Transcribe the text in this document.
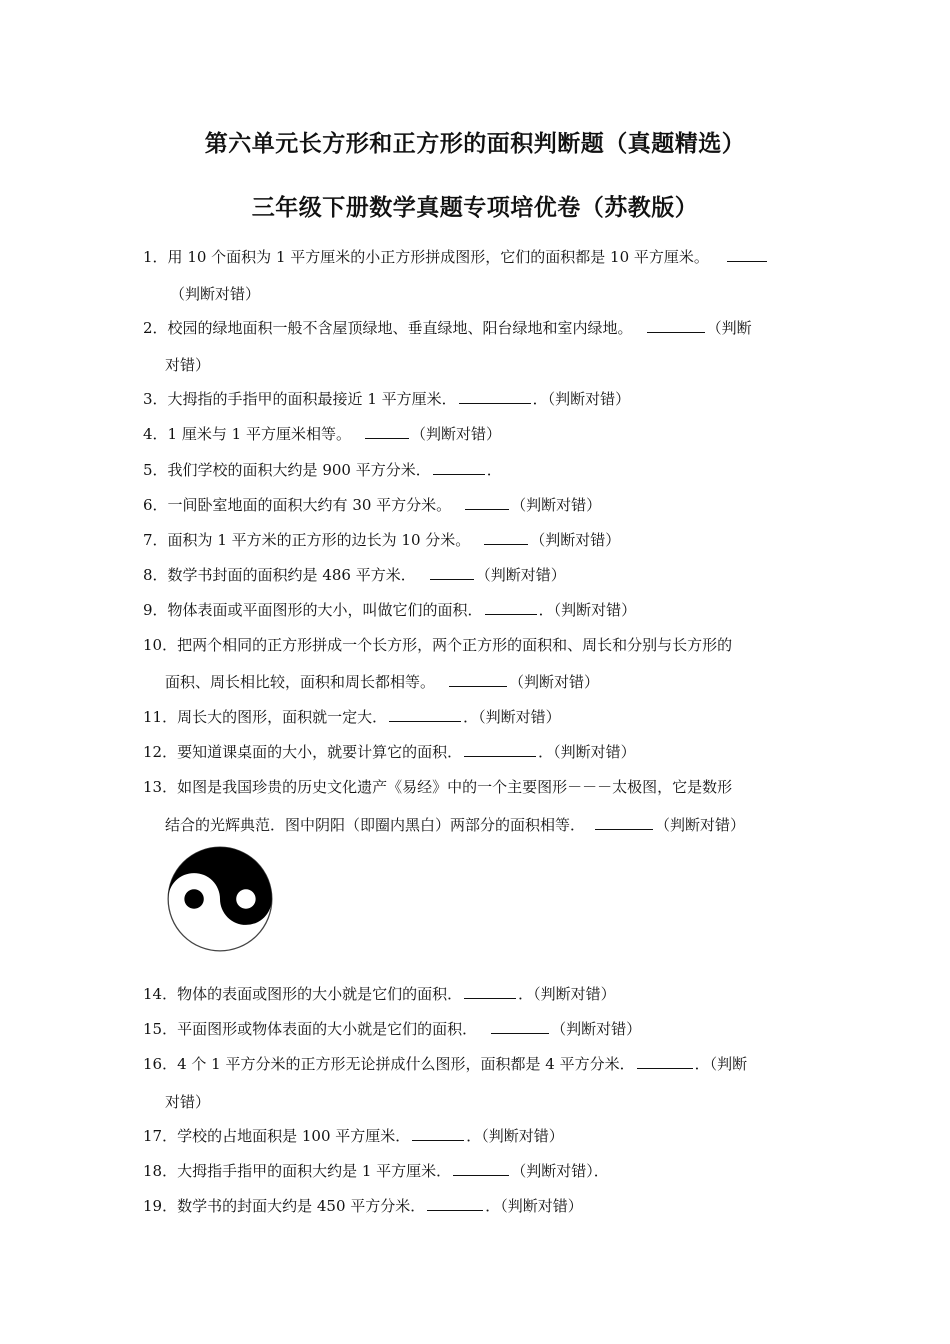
第六单元长方形和正方形的面积判断题（真题精选）
三年级下册数学真题专项培优卷（苏教版）
1．用 10 个面积为 1 平方厘米的小正方形拼成图形，它们的面积都是 10 平方厘米。
（判断对错）
2．校园的绿地面积一般不含屋顶绿地、垂直绿地、阳台绿地和室内绿地。	（判断
对错）
3．大拇指的手指甲的面积最接近 1 平方厘米．	．（判断对错）
4．1 厘米与 1 平方厘米相等。	（判断对错）
5．我们学校的面积大约是 900 平方分米．	．
6．一间卧室地面的面积大约有 30 平方分米。	（判断对错）
7．面积为 1 平方米的正方形的边长为 10 分米。	（判断对错）
8．数学书封面的面积约是 486 平方米．	（判断对错）
9．物体表面或平面图形的大小，叫做它们的面积．	．（判断对错）
10．把两个相同的正方形拼成一个长方形，两个正方形的面积和、周长和分别与长方形的
面积、周长相比较，面积和周长都相等。	（判断对错）
11．周长大的图形，面积就一定大．	．（判断对错）
12．要知道课桌面的大小，就要计算它的面积．	．（判断对错）
13．如图是我国珍贵的历史文化遗产《易经》中的一个主要图形－－－太极图，它是数形
结合的光辉典范．图中阴阳（即圈内黑白）两部分的面积相等．	（判断对错）
14．物体的表面或图形的大小就是它们的面积．	．（判断对错）
15．平面图形或物体表面的大小就是它们的面积．	（判断对错）
16．4 个 1 平方分米的正方形无论拼成什么图形，面积都是 4 平方分米．	．（判断
对错）
17．学校的占地面积是 100 平方厘米．	．（判断对错）
18．大拇指手指甲的面积大约是 1 平方厘米．	（判断对错）．
19．数学书的封面大约是 450 平方分米．	．（判断对错）
